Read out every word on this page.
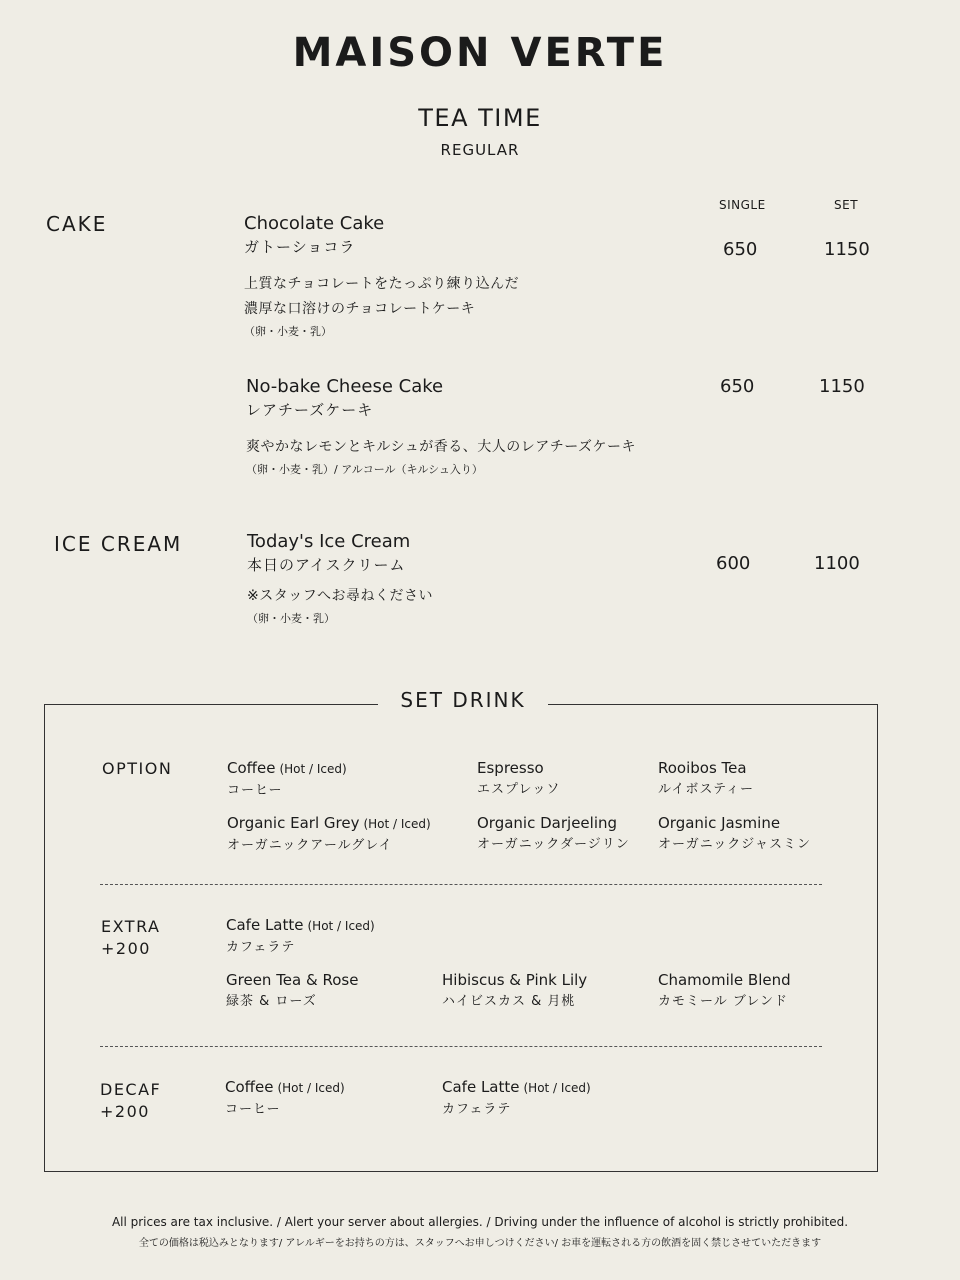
MAISON VERTE
TEA TIME
REGULAR
SINGLE	SET
CAKE	Chocolate Cake
ガトーショコラ
上質なチョコレートをたっぷり練り込んだ
濃厚な口溶けのチョコレートケーキ
（卵・小麦・乳）
650	1150
No-bake Cheese Cake
レアチーズケーキ
爽やかなレモンとキルシュが香る、大人のレアチーズケーキ
（卵・小麦・乳）/ アルコール（キルシュ入り）
650	1150
ICE CREAM	Today's Ice Cream
本日のアイスクリーム
※スタッフへお尋ねください
（卵・小麦・乳）
600	1100
SET DRINK
OPTION	Coffee (Hot / Iced)
コーヒー
Espresso
エスプレッソ
Rooibos Tea
ルイボスティー
Organic Earl Grey (Hot / Iced)
オーガニックアールグレイ
Organic Darjeeling
オーガニックダージリン
Organic Jasmine
オーガニックジャスミン
EXTRA
+200
Cafe Latte (Hot / Iced)
カフェラテ
Green Tea & Rose
緑茶 & ローズ
Hibiscus & Pink Lily
ハイビスカス & 月桃
Chamomile Blend
カモミール ブレンド
DECAF
+200
Coffee (Hot / Iced)
コーヒー
Cafe Latte (Hot / Iced)
カフェラテ
All prices are tax inclusive. / Alert your server about allergies. / Driving under the influence of alcohol is strictly prohibited.
全ての価格は税込みとなります/ アレルギーをお持ちの方は、スタッフへお申しつけください/ お車を運転される方の飲酒を固く禁じさせていただきます
